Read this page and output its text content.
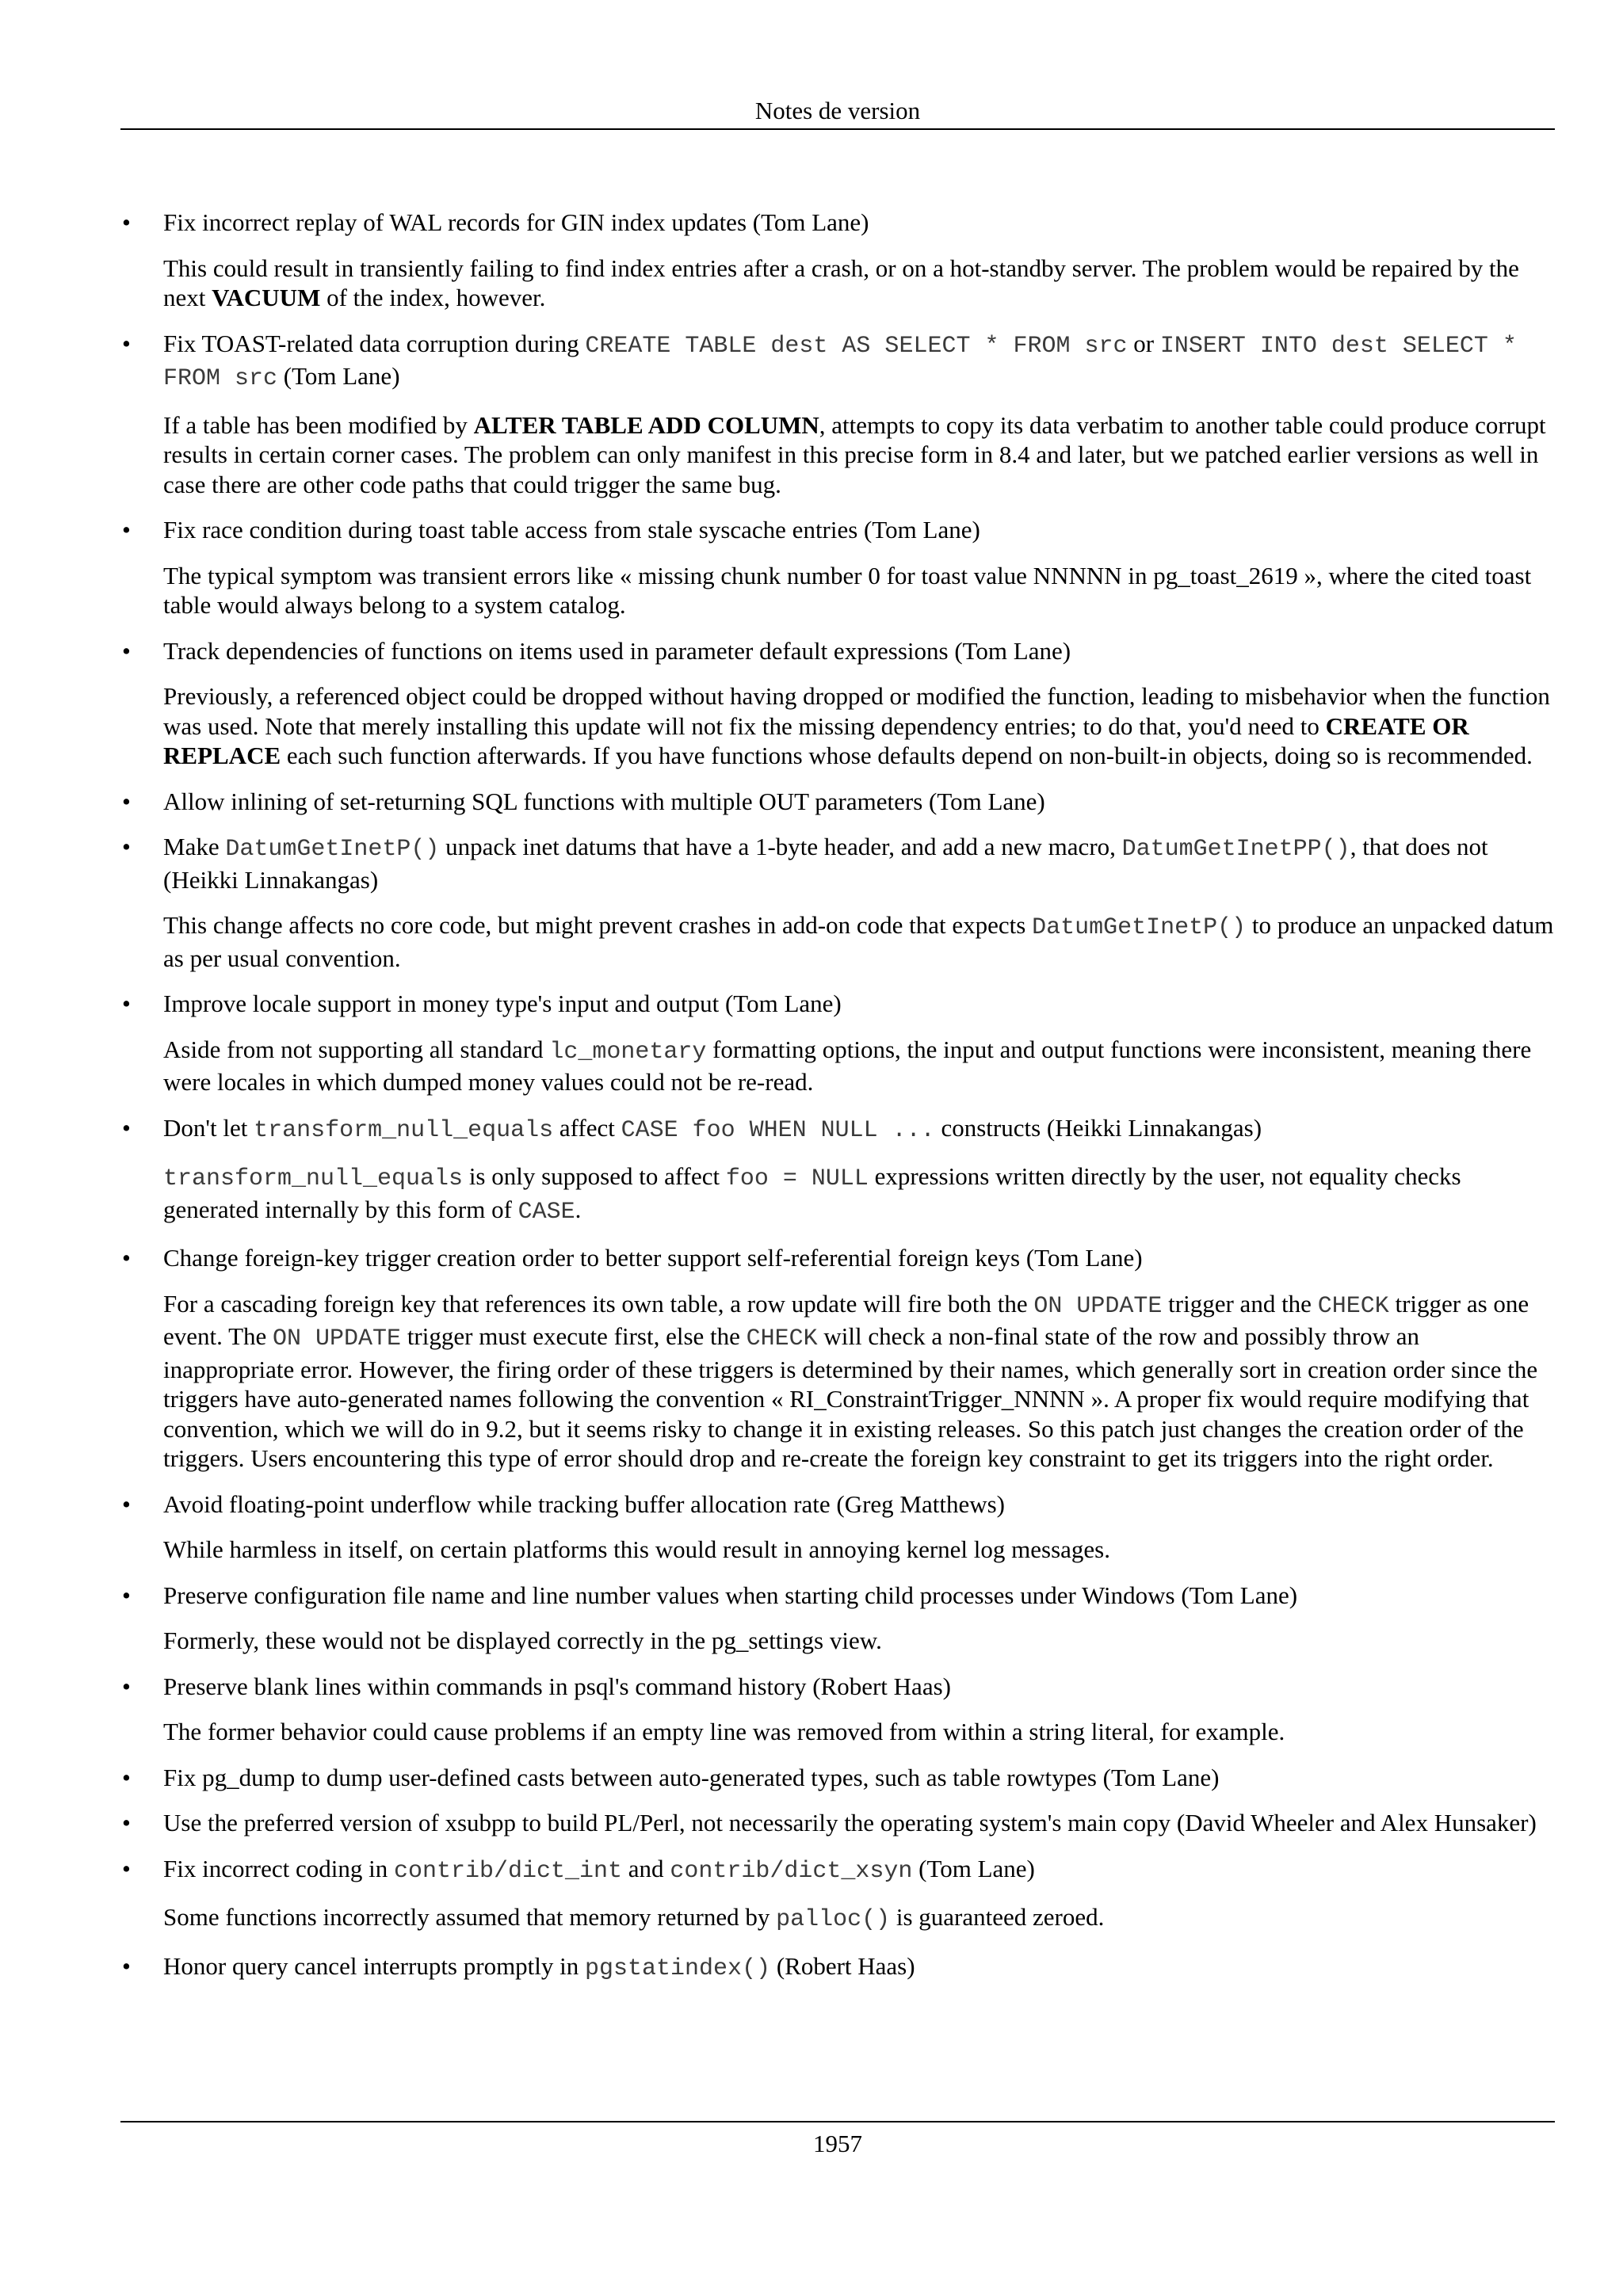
Notes de version
• Fix incorrect replay of WAL records for GIN index updates (Tom Lane)

This could result in transiently failing to find index entries after a crash, or on a hot-standby server. The problem would be repaired by the next VACUUM of the index, however.

• Fix TOAST-related data corruption during CREATE TABLE dest AS SELECT * FROM src or INSERT INTO dest SELECT * FROM src (Tom Lane)

If a table has been modified by ALTER TABLE ADD COLUMN, attempts to copy its data verbatim to another table could produce corrupt results in certain corner cases. The problem can only manifest in this precise form in 8.4 and later, but we patched earlier versions as well in case there are other code paths that could trigger the same bug.

• Fix race condition during toast table access from stale syscache entries (Tom Lane)

The typical symptom was transient errors like « missing chunk number 0 for toast value NNNNN in pg_toast_2619 », where the cited toast table would always belong to a system catalog.

• Track dependencies of functions on items used in parameter default expressions (Tom Lane)

Previously, a referenced object could be dropped without having dropped or modified the function, leading to misbehavior when the function was used. Note that merely installing this update will not fix the missing dependency entries; to do that, you'd need to CREATE OR REPLACE each such function afterwards. If you have functions whose defaults depend on non-built-in objects, doing so is recommended.

• Allow inlining of set-returning SQL functions with multiple OUT parameters (Tom Lane)

• Make DatumGetInetP() unpack inet datums that have a 1-byte header, and add a new macro, DatumGetInetPP(), that does not (Heikki Linnakangas)

This change affects no core code, but might prevent crashes in add-on code that expects DatumGetInetP() to produce an unpacked datum as per usual convention.

• Improve locale support in money type's input and output (Tom Lane)

Aside from not supporting all standard lc_monetary formatting options, the input and output functions were inconsistent, meaning there were locales in which dumped money values could not be re-read.

• Don't let transform_null_equals affect CASE foo WHEN NULL ... constructs (Heikki Linnakangas)

transform_null_equals is only supposed to affect foo = NULL expressions written directly by the user, not equality checks generated internally by this form of CASE.

• Change foreign-key trigger creation order to better support self-referential foreign keys (Tom Lane)

For a cascading foreign key that references its own table, a row update will fire both the ON UPDATE trigger and the CHECK trigger as one event. The ON UPDATE trigger must execute first, else the CHECK will check a non-final state of the row and possibly throw an inappropriate error. However, the firing order of these triggers is determined by their names, which generally sort in creation order since the triggers have auto-generated names following the convention « RI_ConstraintTrigger_NNNN ». A proper fix would require modifying that convention, which we will do in 9.2, but it seems risky to change it in existing releases. So this patch just changes the creation order of the triggers. Users encountering this type of error should drop and re-create the foreign key constraint to get its triggers into the right order.

• Avoid floating-point underflow while tracking buffer allocation rate (Greg Matthews)

While harmless in itself, on certain platforms this would result in annoying kernel log messages.

• Preserve configuration file name and line number values when starting child processes under Windows (Tom Lane)

Formerly, these would not be displayed correctly in the pg_settings view.

• Preserve blank lines within commands in psql's command history (Robert Haas)

The former behavior could cause problems if an empty line was removed from within a string literal, for example.

• Fix pg_dump to dump user-defined casts between auto-generated types, such as table rowtypes (Tom Lane)

• Use the preferred version of xsubpp to build PL/Perl, not necessarily the operating system's main copy (David Wheeler and Alex Hunsaker)

• Fix incorrect coding in contrib/dict_int and contrib/dict_xsyn (Tom Lane)

Some functions incorrectly assumed that memory returned by palloc() is guaranteed zeroed.

• Honor query cancel interrupts promptly in pgstatindex() (Robert Haas)

1957
